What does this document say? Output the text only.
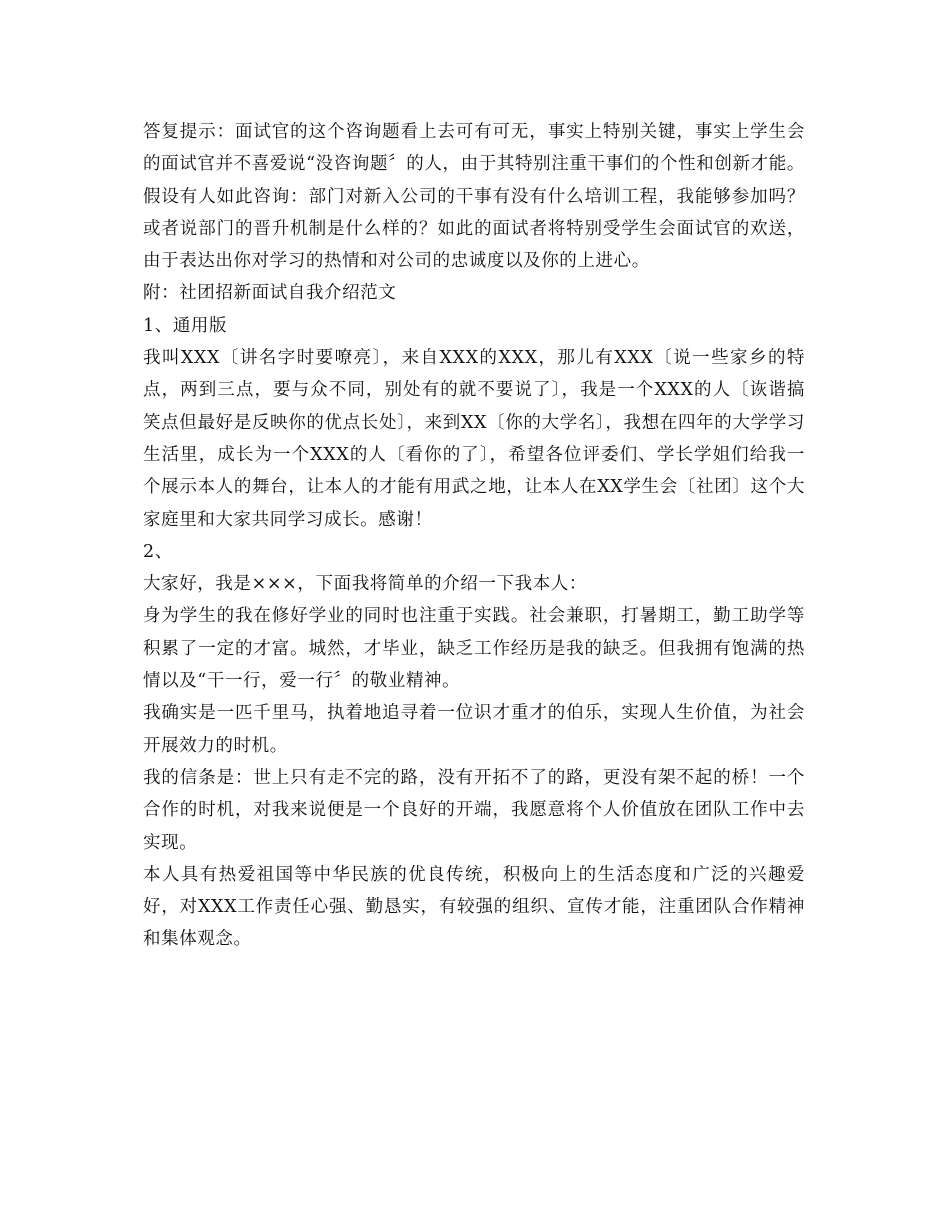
答复提示：面试官的这个咨询题看上去可有可无，事实上特别关键，事实上学生会的面试官并不喜爱说“没咨询题〞的人，由于其特别注重干事们的个性和创新才能。假设有人如此咨询：部门对新入公司的干事有没有什么培训工程，我能够参加吗？或者说部门的晋升机制是什么样的？如此的面试者将特别受学生会面试官的欢送，由于表达出你对学习的热情和对公司的忠诚度以及你的上进心。

附：社团招新面试自我介绍范文

1、通用版

我叫XXX〔讲名字时要嘹亮〕，来自XXX的XXX，那儿有XXX〔说一些家乡的特点，两到三点，要与众不同，别处有的就不要说了〕，我是一个XXX的人〔诙谐搞笑点但最好是反映你的优点长处〕，来到XX〔你的大学名〕，我想在四年的大学学习生活里，成长为一个XXX的人〔看你的了〕，希望各位评委们、学长学姐们给我一个展示本人的舞台，让本人的才能有用武之地，让本人在XX学生会〔社团〕这个大家庭里和大家共同学习成长。感谢！

2、

大家好，我是×××，下面我将简单的介绍一下我本人：

身为学生的我在修好学业的同时也注重于实践。社会兼职，打暑期工，勤工助学等积累了一定的才富。城然，才毕业，缺乏工作经历是我的缺乏。但我拥有饱满的热情以及“干一行，爱一行〞的敬业精神。

我确实是一匹千里马，执着地追寻着一位识才重才的伯乐，实现人生价值，为社会开展效力的时机。

我的信条是：世上只有走不完的路，没有开拓不了的路，更没有架不起的桥！一个合作的时机，对我来说便是一个良好的开端，我愿意将个人价值放在团队工作中去实现。

本人具有热爱祖国等中华民族的优良传统，积极向上的生活态度和广泛的兴趣爱好，对XXX工作责任心强、勤恳实，有较强的组织、宣传才能，注重团队合作精神和集体观念。
